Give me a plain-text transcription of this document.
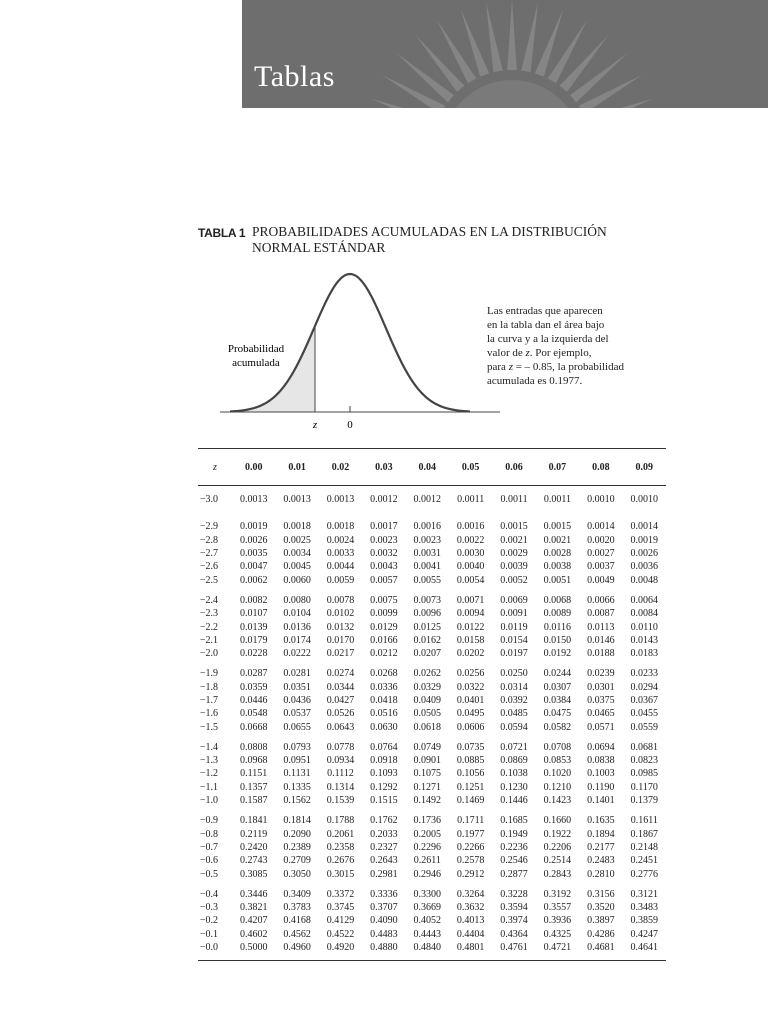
Tablas
TABLA 1 PROBABILIDADES ACUMULADAS EN LA DISTRIBUCIÓN NORMAL ESTÁNDAR
Probabilidad
acumulada
z	0
Las entradas que aparecen
en la tabla dan el área bajo
la curva y a la izquierda del
valor de z. Por ejemplo,
para z = – 0.85, la probabilidad
acumulada es 0.1977.
z	0.00	0.01	0.02	0.03	0.04	0.05	0.06	0.07	0.08	0.09
−3.0	0.0013	0.0013	0.0013	0.0012	0.0012	0.0011	0.0011	0.0011	0.0010	0.0010
−2.9	0.0019	0.0018	0.0018	0.0017	0.0016	0.0016	0.0015	0.0015	0.0014	0.0014
−2.8	0.0026	0.0025	0.0024	0.0023	0.0023	0.0022	0.0021	0.0021	0.0020	0.0019
−2.7	0.0035	0.0034	0.0033	0.0032	0.0031	0.0030	0.0029	0.0028	0.0027	0.0026
−2.6	0.0047	0.0045	0.0044	0.0043	0.0041	0.0040	0.0039	0.0038	0.0037	0.0036
−2.5	0.0062	0.0060	0.0059	0.0057	0.0055	0.0054	0.0052	0.0051	0.0049	0.0048
−2.4	0.0082	0.0080	0.0078	0.0075	0.0073	0.0071	0.0069	0.0068	0.0066	0.0064
−2.3	0.0107	0.0104	0.0102	0.0099	0.0096	0.0094	0.0091	0.0089	0.0087	0.0084
−2.2	0.0139	0.0136	0.0132	0.0129	0.0125	0.0122	0.0119	0.0116	0.0113	0.0110
−2.1	0.0179	0.0174	0.0170	0.0166	0.0162	0.0158	0.0154	0.0150	0.0146	0.0143
−2.0	0.0228	0.0222	0.0217	0.0212	0.0207	0.0202	0.0197	0.0192	0.0188	0.0183
−1.9	0.0287	0.0281	0.0274	0.0268	0.0262	0.0256	0.0250	0.0244	0.0239	0.0233
−1.8	0.0359	0.0351	0.0344	0.0336	0.0329	0.0322	0.0314	0.0307	0.0301	0.0294
−1.7	0.0446	0.0436	0.0427	0.0418	0.0409	0.0401	0.0392	0.0384	0.0375	0.0367
−1.6	0.0548	0.0537	0.0526	0.0516	0.0505	0.0495	0.0485	0.0475	0.0465	0.0455
−1.5	0.0668	0.0655	0.0643	0.0630	0.0618	0.0606	0.0594	0.0582	0.0571	0.0559
−1.4	0.0808	0.0793	0.0778	0.0764	0.0749	0.0735	0.0721	0.0708	0.0694	0.0681
−1.3	0.0968	0.0951	0.0934	0.0918	0.0901	0.0885	0.0869	0.0853	0.0838	0.0823
−1.2	0.1151	0.1131	0.1112	0.1093	0.1075	0.1056	0.1038	0.1020	0.1003	0.0985
−1.1	0.1357	0.1335	0.1314	0.1292	0.1271	0.1251	0.1230	0.1210	0.1190	0.1170
−1.0	0.1587	0.1562	0.1539	0.1515	0.1492	0.1469	0.1446	0.1423	0.1401	0.1379
−0.9	0.1841	0.1814	0.1788	0.1762	0.1736	0.1711	0.1685	0.1660	0.1635	0.1611
−0.8	0.2119	0.2090	0.2061	0.2033	0.2005	0.1977	0.1949	0.1922	0.1894	0.1867
−0.7	0.2420	0.2389	0.2358	0.2327	0.2296	0.2266	0.2236	0.2206	0.2177	0.2148
−0.6	0.2743	0.2709	0.2676	0.2643	0.2611	0.2578	0.2546	0.2514	0.2483	0.2451
−0.5	0.3085	0.3050	0.3015	0.2981	0.2946	0.2912	0.2877	0.2843	0.2810	0.2776
−0.4	0.3446	0.3409	0.3372	0.3336	0.3300	0.3264	0.3228	0.3192	0.3156	0.3121
−0.3	0.3821	0.3783	0.3745	0.3707	0.3669	0.3632	0.3594	0.3557	0.3520	0.3483
−0.2	0.4207	0.4168	0.4129	0.4090	0.4052	0.4013	0.3974	0.3936	0.3897	0.3859
−0.1	0.4602	0.4562	0.4522	0.4483	0.4443	0.4404	0.4364	0.4325	0.4286	0.4247
−0.0	0.5000	0.4960	0.4920	0.4880	0.4840	0.4801	0.4761	0.4721	0.4681	0.4641
